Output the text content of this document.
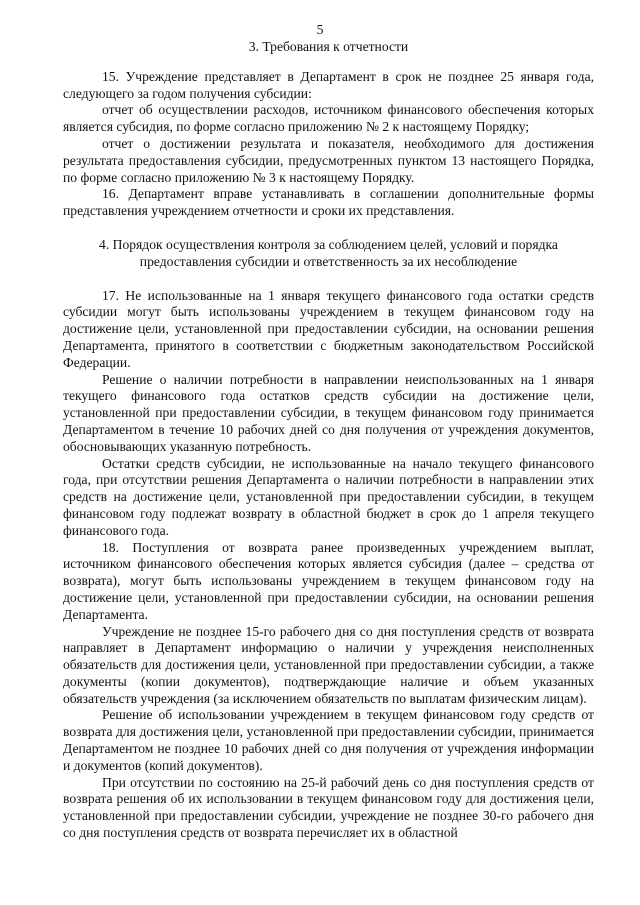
5
3. Требования к отчетности

15. Учреждение представляет в Департамент в срок не позднее 25 января года, следующего за годом получения субсидии:

отчет об осуществлении расходов, источником финансового обеспечения которых является субсидия, по форме согласно приложению № 2 к настоящему Порядку;

отчет о достижении результата и показателя, необходимого для достижения результата предоставления субсидии, предусмотренных пунктом 13 настоящего Порядка, по форме согласно приложению № 3 к настоящему Порядку.

16. Департамент вправе устанавливать в соглашении дополнительные формы представления учреждением отчетности и сроки их представления.

4. Порядок осуществления контроля за соблюдением целей, условий и порядка
предоставления субсидии и ответственность за их несоблюдение

17. Не использованные на 1 января текущего финансового года остатки средств субсидии могут быть использованы учреждением в текущем финансовом году на достижение цели, установленной при предоставлении субсидии, на основании решения Департамента, принятого в соответствии с бюджетным законодательством Российской Федерации.

Решение о наличии потребности в направлении неиспользованных на 1 января текущего финансового года остатков средств субсидии на достижение цели, установленной при предоставлении субсидии, в текущем финансовом году принимается Департаментом в течение 10 рабочих дней со дня получения от учреждения документов, обосновывающих указанную потребность.

Остатки средств субсидии, не использованные на начало текущего финансового года, при отсутствии решения Департамента о наличии потребности в направлении этих средств на достижение цели, установленной при предоставлении субсидии, в текущем финансовом году подлежат возврату в областной бюджет в срок до 1 апреля текущего финансового года.

18. Поступления от возврата ранее произведенных учреждением выплат, источником финансового обеспечения которых является субсидия (далее – средства от возврата), могут быть использованы учреждением в текущем финансовом году на достижение цели, установленной при предоставлении субсидии, на основании решения Департамента.

Учреждение не позднее 15-го рабочего дня со дня поступления средств от возврата направляет в Департамент информацию о наличии у учреждения неисполненных обязательств для достижения цели, установленной при предоставлении субсидии, а также документы (копии документов), подтверждающие наличие и объем указанных обязательств учреждения (за исключением обязательств по выплатам физическим лицам).

Решение об использовании учреждением в текущем финансовом году средств от возврата для достижения цели, установленной при предоставлении субсидии, принимается Департаментом не позднее 10 рабочих дней со дня получения от учреждения информации и документов (копий документов).

При отсутствии по состоянию на 25-й рабочий день со дня поступления средств от возврата решения об их использовании в текущем финансовом году для достижения цели, установленной при предоставлении субсидии, учреждение не позднее 30-го рабочего дня со дня поступления средств от возврата перечисляет их в областной
